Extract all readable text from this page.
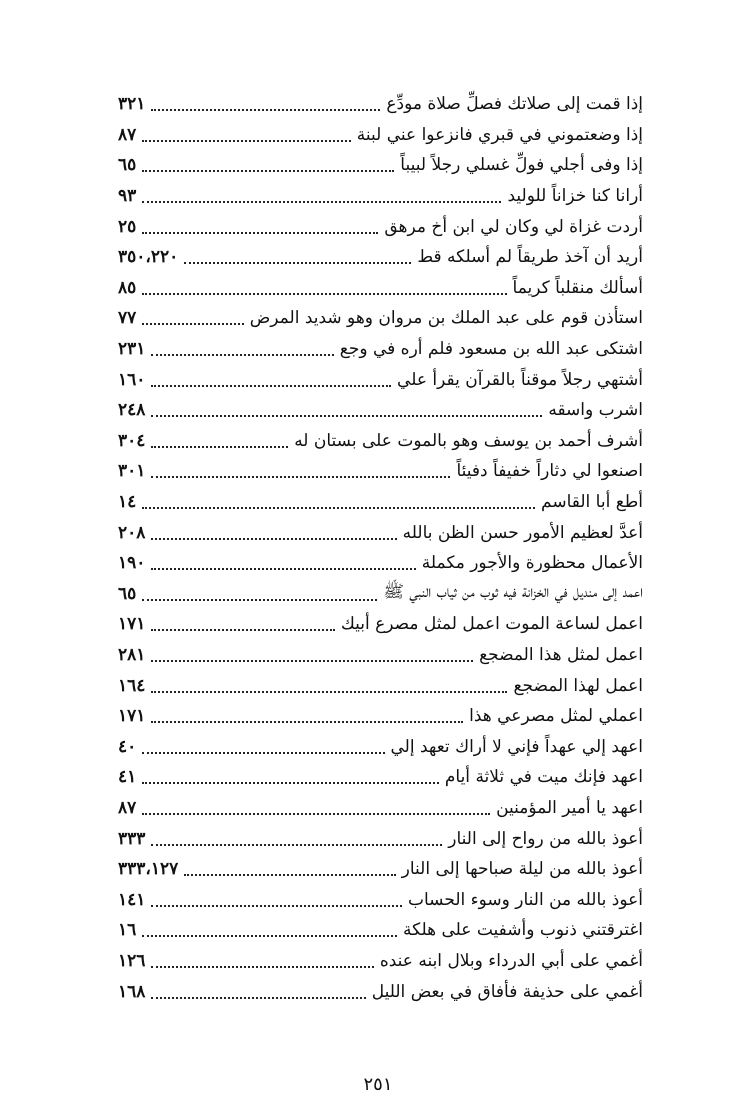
إذا قمت إلى صلاتك فصلِّ صلاة مودِّع
٣٢١
إذا وضعتموني في قبري فانزعوا عني لبنة
٨٧
إذا وفى أجلي فولِّ غسلي رجلاً لبيباً
٦٥
أرانا كنا خزاناً للوليد
٩٣
أردت غزاة لي وكان لي ابن أخ مرهق
٢٥
أريد أن آخذ طريقاً لم أسلكه قط
٣٥٠،٢٢٠
أسألك منقلباً كريماً
٨٥
استأذن قوم على عبد الملك بن مروان وهو شديد المرض
٧٧
اشتكى عبد الله بن مسعود فلم أره في وجع
٢٣١
أشتهي رجلاً موقناً بالقرآن يقرأ علي
١٦٠
اشرب واسقه
٢٤٨
أشرف أحمد بن يوسف وهو بالموت على بستان له
٣٠٤
اصنعوا لي دثاراً خفيفاً دفيئاً
٣٠١
أطع أبا القاسم
١٤
أعدَّ لعظيم الأمور حسن الظن بالله
٢٠٨
الأعمال محظورة والأجور مكملة
١٩٠
اعمد إلى منديل في الخزانة فيه ثوب من ثياب النبي ﷺ
٦٥
اعمل لساعة الموت اعمل لمثل مصرع أبيك
١٧١
اعمل لمثل هذا المضجع
٢٨١
اعمل لهذا المضجع
١٦٤
اعملي لمثل مصرعي هذا
١٧١
اعهد إلي عهداً فإني لا أراك تعهد إلي
٤٠
اعهد فإنك ميت في ثلاثة أيام
٤١
اعهد يا أمير المؤمنين
٨٧
أعوذ بالله من رواح إلى النار
٣٣٣
أعوذ بالله من ليلة صباحها إلى النار
٣٣٣،١٢٧
أعوذ بالله من النار وسوء الحساب
١٤١
اغترقتني ذنوب وأشفيت على هلكة
١٦
أغمي على أبي الدرداء وبلال ابنه عنده
١٢٦
أغمي على حذيفة فأفاق في بعض الليل
١٦٨
٢٥١
